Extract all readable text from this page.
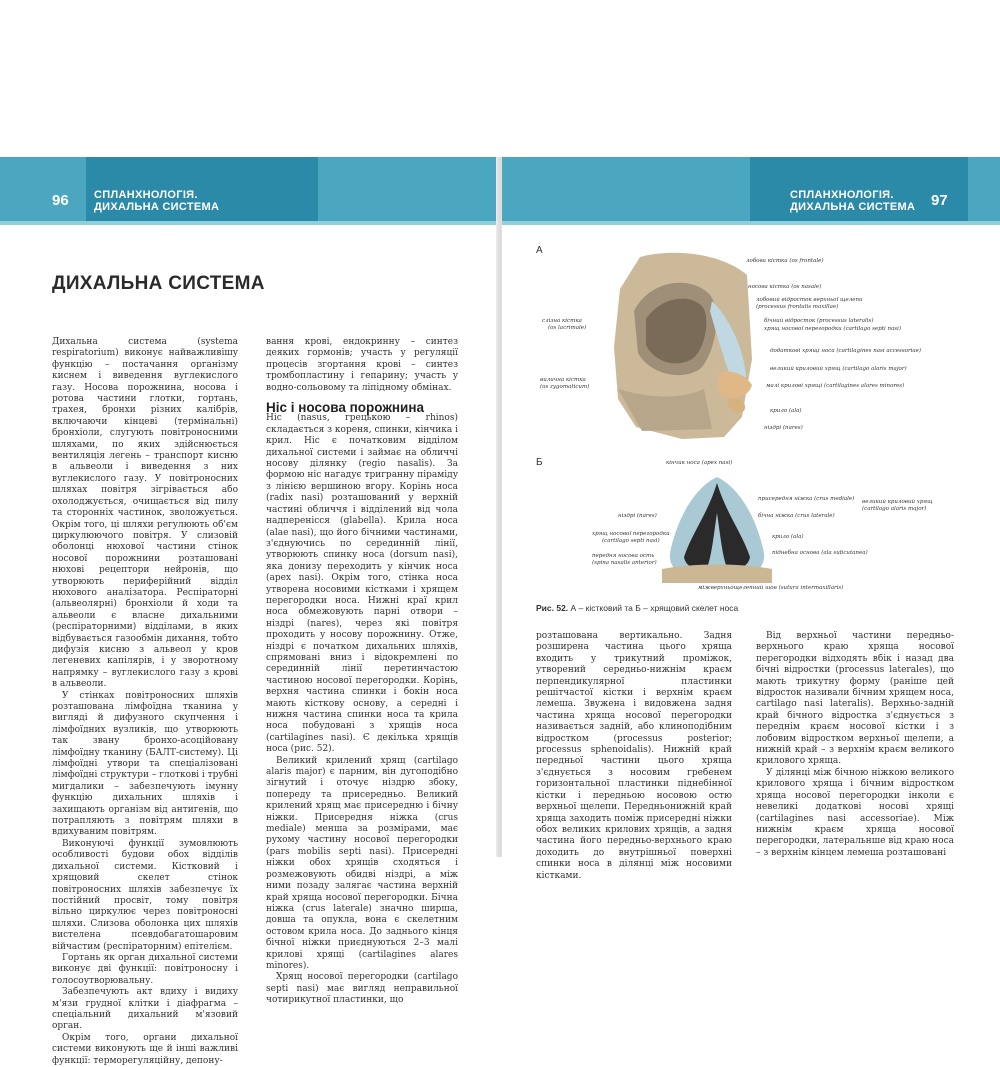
96 СПЛАНХНОЛОГІЯ.
ДИХАЛЬНА СИСТЕМА
ДИХАЛЬНА СИСТЕМА

Дихальна система (systema respiratorium) виконує найважливішу функцію – постачання організму киснем і виведення вуглекислого газу. Носова порожнина, носова і ротова частини глотки, гортань, трахея, бронхи різних калібрів, включаючи кінцеві (термінальні) бронхіоли, слугують повітроносними шляхами, по яких здійснюється вентиляція легень – транспорт кисню в альвеоли і виведення з них вуглекислого газу. У повітроносних шляхах повітря зігрівається або охолоджується, очищається від пилу та сторонніх частинок, зволожується. Окрім того, ці шляхи регулюють об'єм циркулюючого повітря. У слизовій оболонці нюхової частини стінок носової порожнини розташовані нюхові рецептори нейронів, що утворюють периферійний відділ нюхового аналізатора. Респіраторні (альвеолярні) бронхіоли й ходи та альвеоли є власне дихальними (респіраторними) відділами, в яких відбувається газообмін дихання, тобто дифузія кисню з альвеол у кров легеневих капілярів, і у зворотному напрямку – вуглекислого газу з крові в альвеоли.

У стінках повітроносних шляхів розташована лімфоїдна тканина у вигляді й дифузного скупчення і лімфоїдних вузликів, що утворюють так звану бронхо-асоційовану лімфоїдну тканину (БАЛТ-систему). Ці лімфоїдні утвори та спеціалізовані лімфоїдні структури – глоткові і трубні мигдалики – забезпечують імунну функцію дихальних шляхів і захищають організм від антигенів, що потрапляють з повітрям шляхи в вдихуваним повітрям.

Виконуючі функції зумовлюють особливості будови обох відділів дихальної системи. Кістковий і хрящовий скелет стінок повітроносних шляхів забезпечує їх постійний просвіт, тому повітря вільно циркулює через повітроносні шляхи. Слизова оболонка цих шляхів вистелена псевдобагатошаровим війчастим (респіраторним) епітелієм.

Гортань як орган дихальної системи виконує дві функції: повітроносну і голосоутворювальну.

Забезпечують акт вдиху і видиху м'язи грудної клітки і діафрагма – спеціальний дихальний м'язовий орган.

Окрім того, органи дихальної системи виконують ще й інші важливі функції: терморегуляційну, депону-

вання крові, ендокринну – синтез деяких гормонів; участь у регуляції процесів згортання крові – синтез тромбопластину і гепарину; участь у водно-сольовому та ліпідному обмінах.

Ніс і носова порожнина

Ніс (nasus, грецькою – rhinos) складається з кореня, спинки, кінчика і крил. Ніс є початковим відділом дихальної системи і займає на обличчі носову ділянку (regio nasalis). За формою ніс нагадує тригранну піраміду з лінією вершиною вгору. Корінь носа (radix nasi) розташований у верхній частині обличчя і відділений від чола надперенісся (glabella). Крила носа (alae nasi), що його бічними частинами, з'єднуючись по серединній лінії, утворюють спинку носа (dorsum nasi), яка донизу переходить у кінчик носа (apex nasi). Окрім того, стінка носа утворена носовими кістками і хрящем перегородки носа. Нижні краї крил носа обмежовують парні отвори – ніздрі (nares), через які повітря проходить у носову порожнину. Отже, ніздрі є початком дихальних шляхів, спрямовані вниз і відокремлені по серединній лінії перетинчастою частиною носової перегородки. Корінь, верхня частина спинки і бокін носа мають кісткову основу, а середні і нижня частина спинки носа та крила носа побудовані з хрящів носа (cartilagines nasi). Є декілька хрящів носа (рис. 52).

Великий крилений хрящ (cartilago alaris major) є парним, він дугоподібно зігнутий і оточує ніздрю збоку, попереду та присередньо. Великий крилений хрящ має присередню і бічну ніжки. Присередня ніжка (crus mediale) менша за розмірами, має рухому частину носової перегородки (pars mobilis septi nasi). Присередні ніжки обох хрящів сходяться і розмежовують обидві ніздрі, а між ними позаду залягає частина верхній край хряща носової перегородки. Бічна ніжка (crus laterale) значно ширша, довша та опукла, вона є скелетним остовом крила носа. До заднього кінця бічної ніжки приєднуються 2–3 малі крилові хрящі (cartilagines alares minores).

Хрящ носової перегородки (cartilago septi nasi) має вигляд неправильної чотирикутної пластинки, що

СПЛАНХНОЛОГІЯ.
ДИХАЛЬНА СИСТЕМА 97
А
лобова кістка (os frontale)
носова кістка (os nasale)
лобовий відросток верхньої щелепи
(processus frontalis maxillae)
бічний відросток (processus lateralis)
хрящ носової перегородки (cartilago septi nasi)
слізна кістка
(os lacrimale)
вилична кістка
(os zygomaticum)
додаткові хрящі носа (cartilagines nasi accessoriae)
великий криловий хрящ (cartilago alaris major)
малі крилові хрящі (cartilagines alares minores)
крило (ala)
ніздрі (nares)
Б	кінчик носа (apex nasi)
присередня ніжка (crus mediale)
бічна ніжка (crus laterale)
великий криловий хрящ
(cartilago alaris major)
ніздрі (nares)
хрящ носової перегородки
(cartilago septi nasi)
передня носова ость
(spina nasalis anterior)
крило (ala)
піднебна основа (ala subcutanea)
міжверхньощелепний шов (sutura intermaxillaris)
Рис. 52. А – кістковий та Б – хрящовий скелет носа

розташована вертикально. Задня розширена частина цього хряща входить у трикутний проміжок, утворений середньо-нижнім краєм перпендикулярної пластинки решітчастої кістки і верхнім краєм лемеша. Звужена і видовжена задня частина хряща носової перегородки називається задній, або клиноподібним відростком (processus posterior; processus sphenoidalis). Нижній край передньої частини цього хряща з'єднується з носовим гребенем горизонтальної пластинки піднебінної кістки і передньою носовою остю верхньої щелепи. Передньонижній край хряща заходить поміж присередні ніжки обох великих крилових хрящів, а задня частина його передньо-верхнього краю доходить до внутрішньої поверхні спинки носа в ділянці між носовими кістками.

Від верхньої частини передньо-верхнього краю хряща носової перегородки відходять вбік і назад два бічні відростки (processus laterales), що мають трикутну форму (раніше цей відросток називали бічним хрящем носа, cartilago nasi lateralis). Верхньо-задній край бічного відростка з'єднується з переднім краєм носової кістки і з лобовим відростком верхньої щелепи, а нижній край – з верхнім краєм великого крилового хряща.

У ділянці між бічною ніжкою великого крилового хряща і бічним відростком хряща носової перегородки інколи є невеликі додаткові носові хрящі (cartilagines nasi accessoriae). Між нижнім краєм хряща носової перегородки, латеральнше від краю носа – з верхнім кінцем лемеша розташовані
